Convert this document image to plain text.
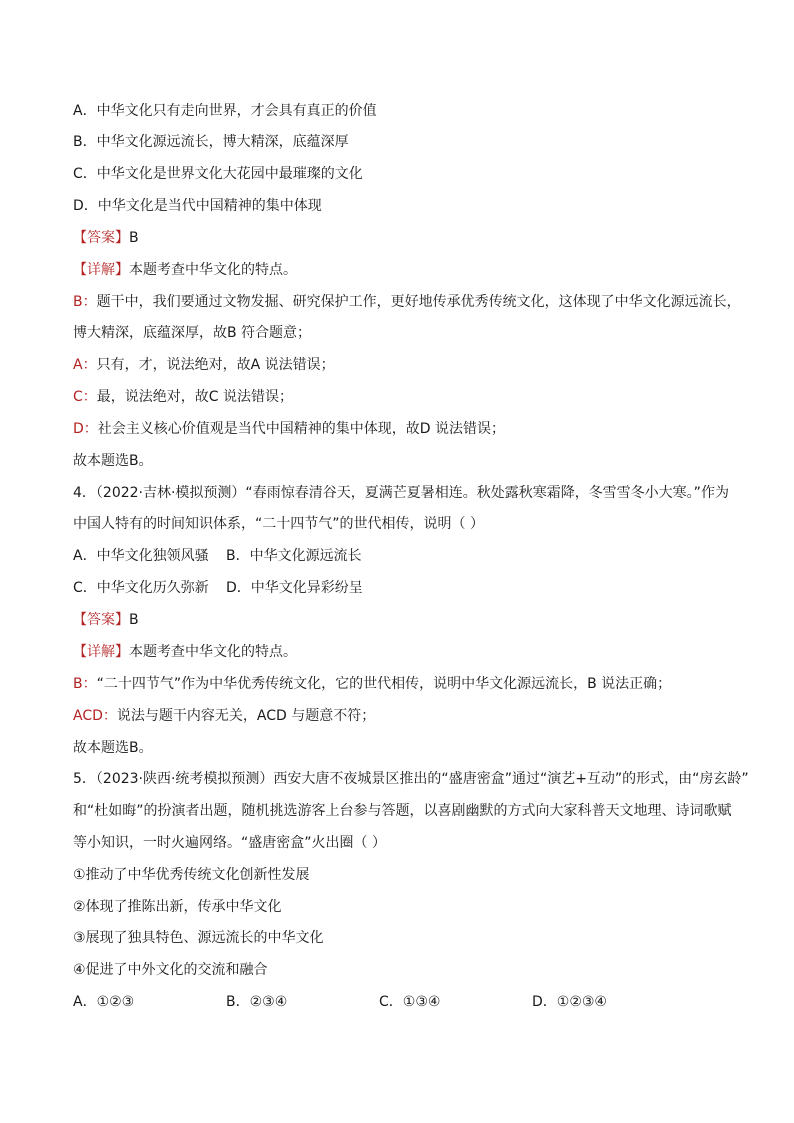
A．中华文化只有走向世界，才会具有真正的价值
B．中华文化源远流长，博大精深，底蕴深厚
C．中华文化是世界文化大花园中最璀璨的文化
D．中华文化是当代中国精神的集中体现
【答案】B
【详解】本题考查中华文化的特点。
B：题干中，我们要通过文物发掘、研究保护工作，更好地传承优秀传统文化，这体现了中华文化源远流长，
博大精深，底蕴深厚，故B 符合题意；
A：只有，才，说法绝对，故A 说法错误；
C：最，说法绝对，故C 说法错误；
D：社会主义核心价值观是当代中国精神的集中体现，故D 说法错误；
故本题选B。
4．（2022·吉林·模拟预测）“春雨惊春清谷天，夏满芒夏暑相连。秋处露秋寒霜降，冬雪雪冬小大寒。”作为
中国人特有的时间知识体系，“二十四节气”的世代相传，说明（ ）
A．中华文化独领风骚 B．中华文化源远流长
C．中华文化历久弥新 D．中华文化异彩纷呈
【答案】B
【详解】本题考查中华文化的特点。
B：“二十四节气”作为中华优秀传统文化，它的世代相传，说明中华文化源远流长，B 说法正确；
ACD：说法与题干内容无关，ACD 与题意不符；
故本题选B。
5．（2023·陕西·统考模拟预测）西安大唐不夜城景区推出的“盛唐密盒”通过“演艺+互动”的形式，由“房玄龄”
和“杜如晦”的扮演者出题，随机挑选游客上台参与答题，以喜剧幽默的方式向大家科普天文地理、诗词歌赋
等小知识，一时火遍网络。“盛唐密盒”火出圈（ ）
①推动了中华优秀传统文化创新性发展
②体现了推陈出新，传承中华文化
③展现了独具特色、源远流长的中华文化
④促进了中外文化的交流和融合
A．①②③	B．②③④	C．①③④	D．①②③④
